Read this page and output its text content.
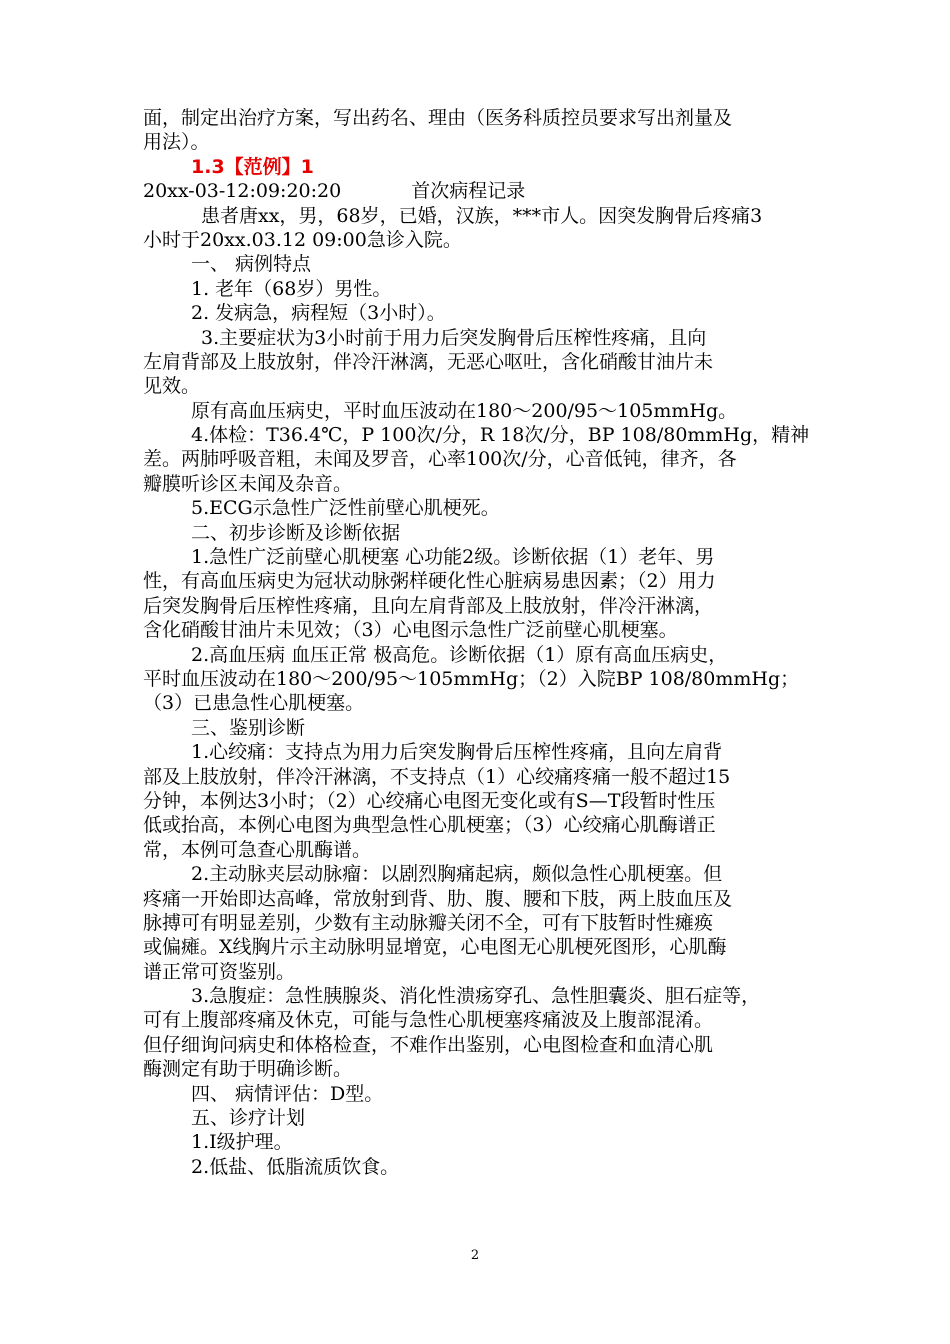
面，制定出治疗方案，写出药名、理由（医务科质控员要求写出剂量及
用法）。
1.3【范例】1
20xx-03-12:09:20:20	首次病程记录
患者唐xx，男，68岁，已婚，汉族，***市人。因突发胸骨后疼痛3
小时于20xx.03.12 09:00急诊入院。
一、 病例特点
1. 老年（68岁）男性。
2. 发病急，病程短（3小时）。
3.主要症状为3小时前于用力后突发胸骨后压榨性疼痛，且向
左肩背部及上肢放射，伴冷汗淋漓，无恶心呕吐，含化硝酸甘油片未
见效。
原有高血压病史，平时血压波动在180～200/95～105mmHg。
4.体检：T36.4℃，P 100次/分，R 18次/分，BP 108/80mmHg，精神
差。两肺呼吸音粗，未闻及罗音，心率100次/分，心音低钝，律齐，各
瓣膜听诊区未闻及杂音。
5.ECG示急性广泛性前壁心肌梗死。
二、初步诊断及诊断依据
1.急性广泛前壁心肌梗塞 心功能2级。诊断依据（1）老年、男
性，有高血压病史为冠状动脉粥样硬化性心脏病易患因素；（2）用力
后突发胸骨后压榨性疼痛，且向左肩背部及上肢放射，伴冷汗淋漓，
含化硝酸甘油片未见效；（3）心电图示急性广泛前壁心肌梗塞。
2.高血压病 血压正常 极高危。诊断依据（1）原有高血压病史，
平时血压波动在180～200/95～105mmHg；（2）入院BP 108/80mmHg；
（3）已患急性心肌梗塞。
三、鉴别诊断
1.心绞痛：支持点为用力后突发胸骨后压榨性疼痛，且向左肩背
部及上肢放射，伴冷汗淋漓，不支持点（1）心绞痛疼痛一般不超过15
分钟，本例达3小时；（2）心绞痛心电图无变化或有S—T段暂时性压
低或抬高，本例心电图为典型急性心肌梗塞；（3）心绞痛心肌酶谱正
常，本例可急查心肌酶谱。
2.主动脉夹层动脉瘤：以剧烈胸痛起病，颇似急性心肌梗塞。但
疼痛一开始即达高峰，常放射到背、肋、腹、腰和下肢，两上肢血压及
脉搏可有明显差别，少数有主动脉瓣关闭不全，可有下肢暂时性瘫痪
或偏瘫。X线胸片示主动脉明显增宽，心电图无心肌梗死图形，心肌酶
谱正常可资鉴别。
3.急腹症：急性胰腺炎、消化性溃疡穿孔、急性胆囊炎、胆石症等，
可有上腹部疼痛及休克，可能与急性心肌梗塞疼痛波及上腹部混淆。
但仔细询问病史和体格检查，不难作出鉴别，心电图检查和血清心肌
酶测定有助于明确诊断。
四、 病情评估：D型。
五、诊疗计划
1.I级护理。
2.低盐、低脂流质饮食。
2
